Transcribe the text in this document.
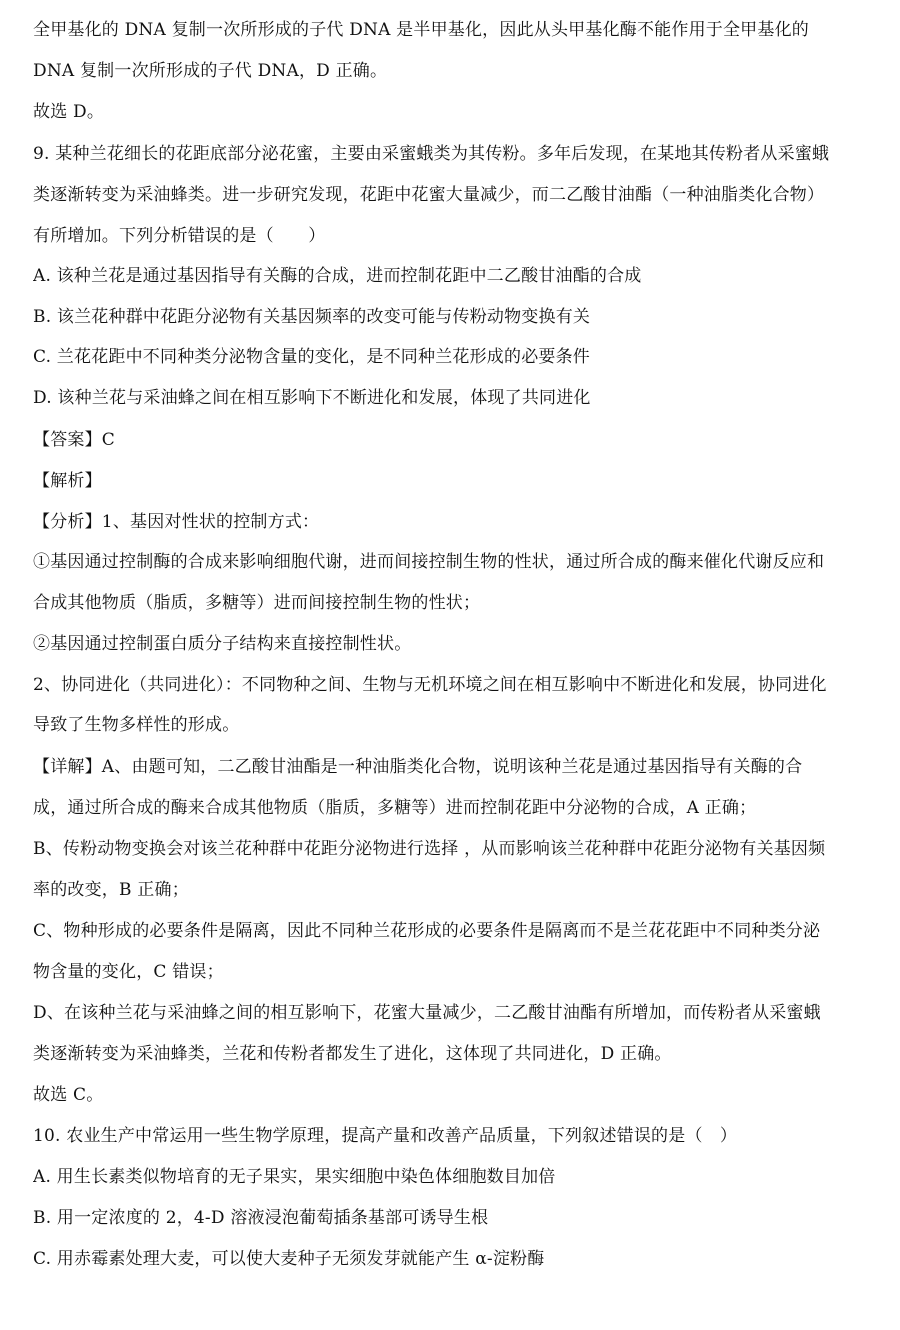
全甲基化的 DNA 复制一次所形成的子代 DNA 是半甲基化，因此从头甲基化酶不能作用于全甲基化的
DNA 复制一次所形成的子代 DNA，D 正确。
故选 D。
9. 某种兰花细长的花距底部分泌花蜜，主要由采蜜蛾类为其传粉。多年后发现，在某地其传粉者从采蜜蛾
类逐渐转变为采油蜂类。进一步研究发现，花距中花蜜大量减少，而二乙酸甘油酯（一种油脂类化合物）
有所增加。下列分析错误的是（　　）
A. 该种兰花是通过基因指导有关酶的合成，进而控制花距中二乙酸甘油酯的合成
B. 该兰花种群中花距分泌物有关基因频率的改变可能与传粉动物变换有关
C. 兰花花距中不同种类分泌物含量的变化，是不同种兰花形成的必要条件
D. 该种兰花与采油蜂之间在相互影响下不断进化和发展，体现了共同进化
【答案】C
【解析】
【分析】1、基因对性状的控制方式：
①基因通过控制酶的合成来影响细胞代谢，进而间接控制生物的性状，通过所合成的酶来催化代谢反应和
合成其他物质（脂质，多糖等）进而间接控制生物的性状；
②基因通过控制蛋白质分子结构来直接控制性状。
2、协同进化（共同进化）：不同物种之间、生物与无机环境之间在相互影响中不断进化和发展，协同进化
导致了生物多样性的形成。
【详解】A、由题可知，二乙酸甘油酯是一种油脂类化合物，说明该种兰花是通过基因指导有关酶的合
成，通过所合成的酶来合成其他物质（脂质，多糖等）进而控制花距中分泌物的合成，A 正确；
B、传粉动物变换会对该兰花种群中花距分泌物进行选择 ，从而影响该兰花种群中花距分泌物有关基因频
率的改变，B 正确；
C、物种形成的必要条件是隔离，因此不同种兰花形成的必要条件是隔离而不是兰花花距中不同种类分泌
物含量的变化，C 错误；
D、在该种兰花与采油蜂之间的相互影响下，花蜜大量减少，二乙酸甘油酯有所增加，而传粉者从采蜜蛾
类逐渐转变为采油蜂类，兰花和传粉者都发生了进化，这体现了共同进化，D 正确。
故选 C。
10. 农业生产中常运用一些生物学原理，提高产量和改善产品质量，下列叙述错误的是（　）
A. 用生长素类似物培育的无子果实，果实细胞中染色体细胞数目加倍
B. 用一定浓度的 2，4-D 溶液浸泡葡萄插条基部可诱导生根
C. 用赤霉素处理大麦，可以使大麦种子无须发芽就能产生 α-淀粉酶
